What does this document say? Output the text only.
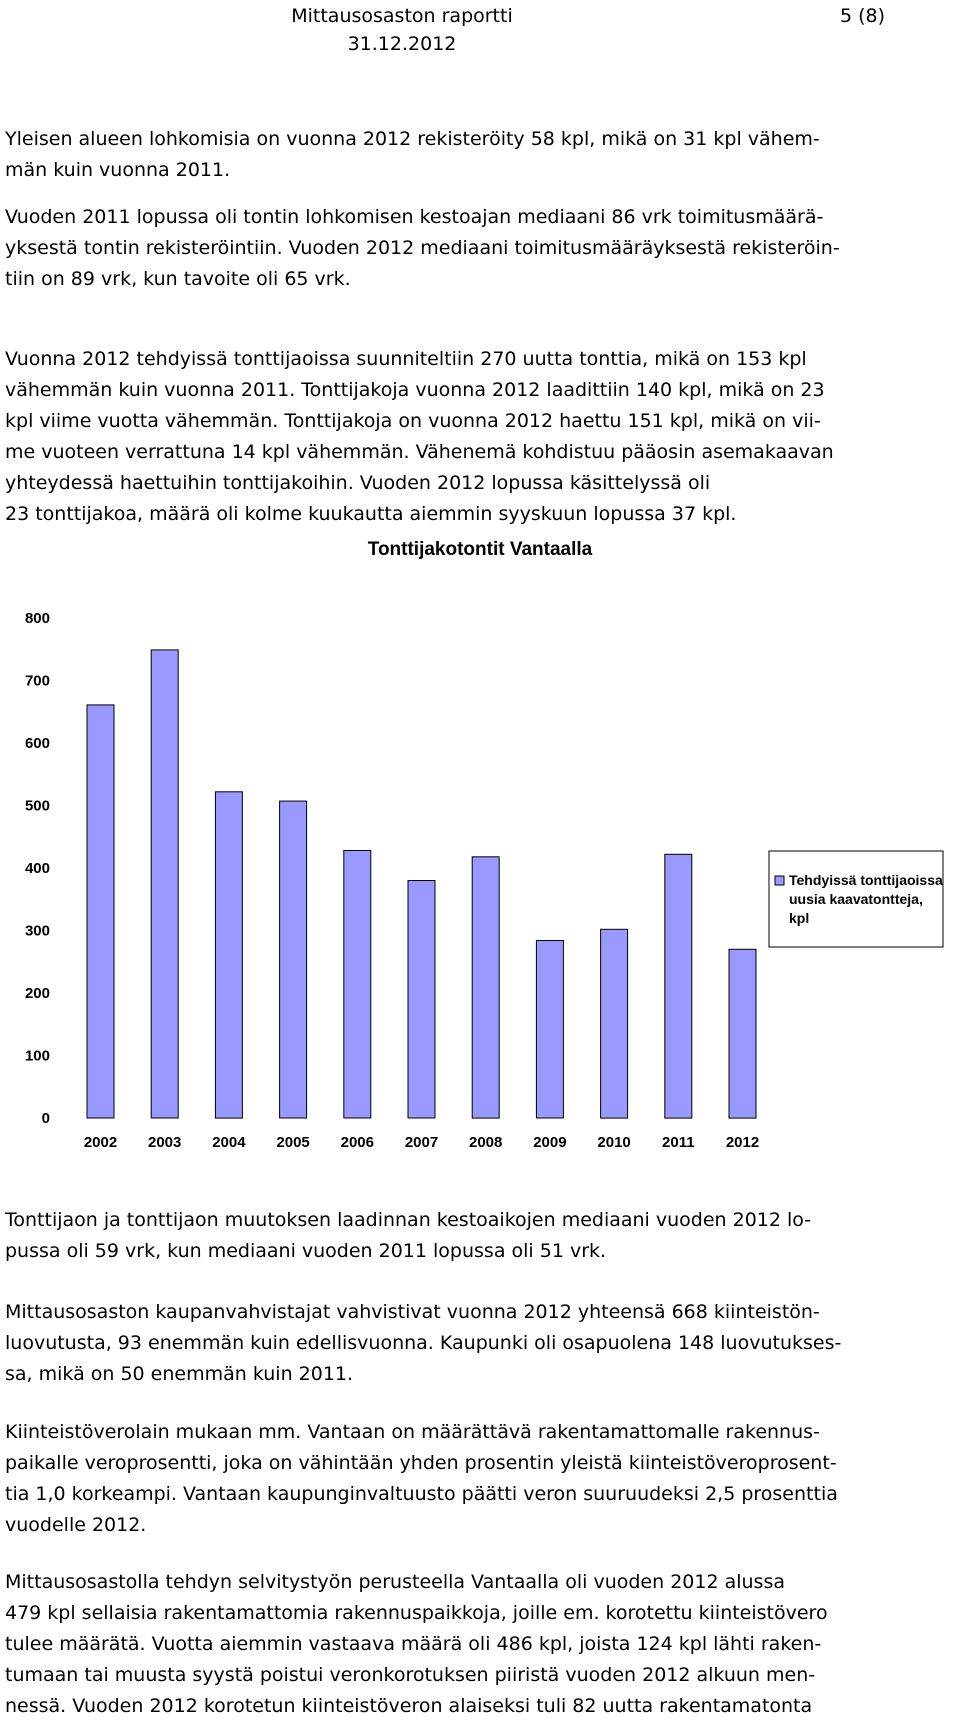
Mittausosaston raportti
31.12.2012
5 (8)
Yleisen alueen lohkomisia on vuonna 2012 rekisteröity 58 kpl, mikä on 31 kpl vähem-
män kuin vuonna 2011.
Vuoden 2011 lopussa oli tontin lohkomisen kestoajan mediaani 86 vrk toimitusmäärä-
yksestä tontin rekisteröintiin. Vuoden 2012 mediaani toimitusmääräyksestä rekisteröin-
tiin on 89 vrk, kun tavoite oli 65 vrk.
Vuonna 2012 tehdyissä tonttijaoissa suunniteltiin 270 uutta tonttia, mikä on 153 kpl
vähemmän kuin vuonna 2011. Tonttijakoja vuonna 2012 laadittiin 140 kpl, mikä on 23
kpl viime vuotta vähemmän. Tonttijakoja on vuonna 2012 haettu 151 kpl, mikä on vii-
me vuoteen verrattuna 14 kpl vähemmän. Vähenemä kohdistuu pääosin asemakaavan
yhteydessä haettuihin tonttijakoihin. Vuoden 2012 lopussa käsittelyssä oli
23 tonttijakoa, määrä oli kolme kuukautta aiemmin syyskuun lopussa 37 kpl.
Tonttijakotontit Vantaalla
0
100
200
300
400
500
600
700
800
2002 2003 2004 2005 2006 2007 2008 2009 2010 2011 2012
Tehdyissä tonttijaoissa
uusia kaavatontteja,
kpl
Tonttijaon ja tonttijaon muutoksen laadinnan kestoaikojen mediaani vuoden 2012 lo-
pussa oli 59 vrk, kun mediaani vuoden 2011 lopussa oli 51 vrk.
Mittausosaston kaupanvahvistajat vahvistivat vuonna 2012 yhteensä 668 kiinteistön-
luovutusta, 93 enemmän kuin edellisvuonna. Kaupunki oli osapuolena 148 luovutukses-
sa, mikä on 50 enemmän kuin 2011.
Kiinteistöverolain mukaan mm. Vantaan on määrättävä rakentamattomalle rakennus-
paikalle veroprosentti, joka on vähintään yhden prosentin yleistä kiinteistöveroprosent-
tia 1,0 korkeampi. Vantaan kaupunginvaltuusto päätti veron suuruudeksi 2,5 prosenttia
vuodelle 2012.
Mittausosastolla tehdyn selvitystyön perusteella Vantaalla oli vuoden 2012 alussa
479 kpl sellaisia rakentamattomia rakennuspaikkoja, joille em. korotettu kiinteistövero
tulee määrätä. Vuotta aiemmin vastaava määrä oli 486 kpl, joista 124 kpl lähti raken-
tumaan tai muusta syystä poistui veronkorotuksen piiristä vuoden 2012 alkuun men-
nessä. Vuoden 2012 korotetun kiinteistöveron alaiseksi tuli 82 uutta rakentamatonta
